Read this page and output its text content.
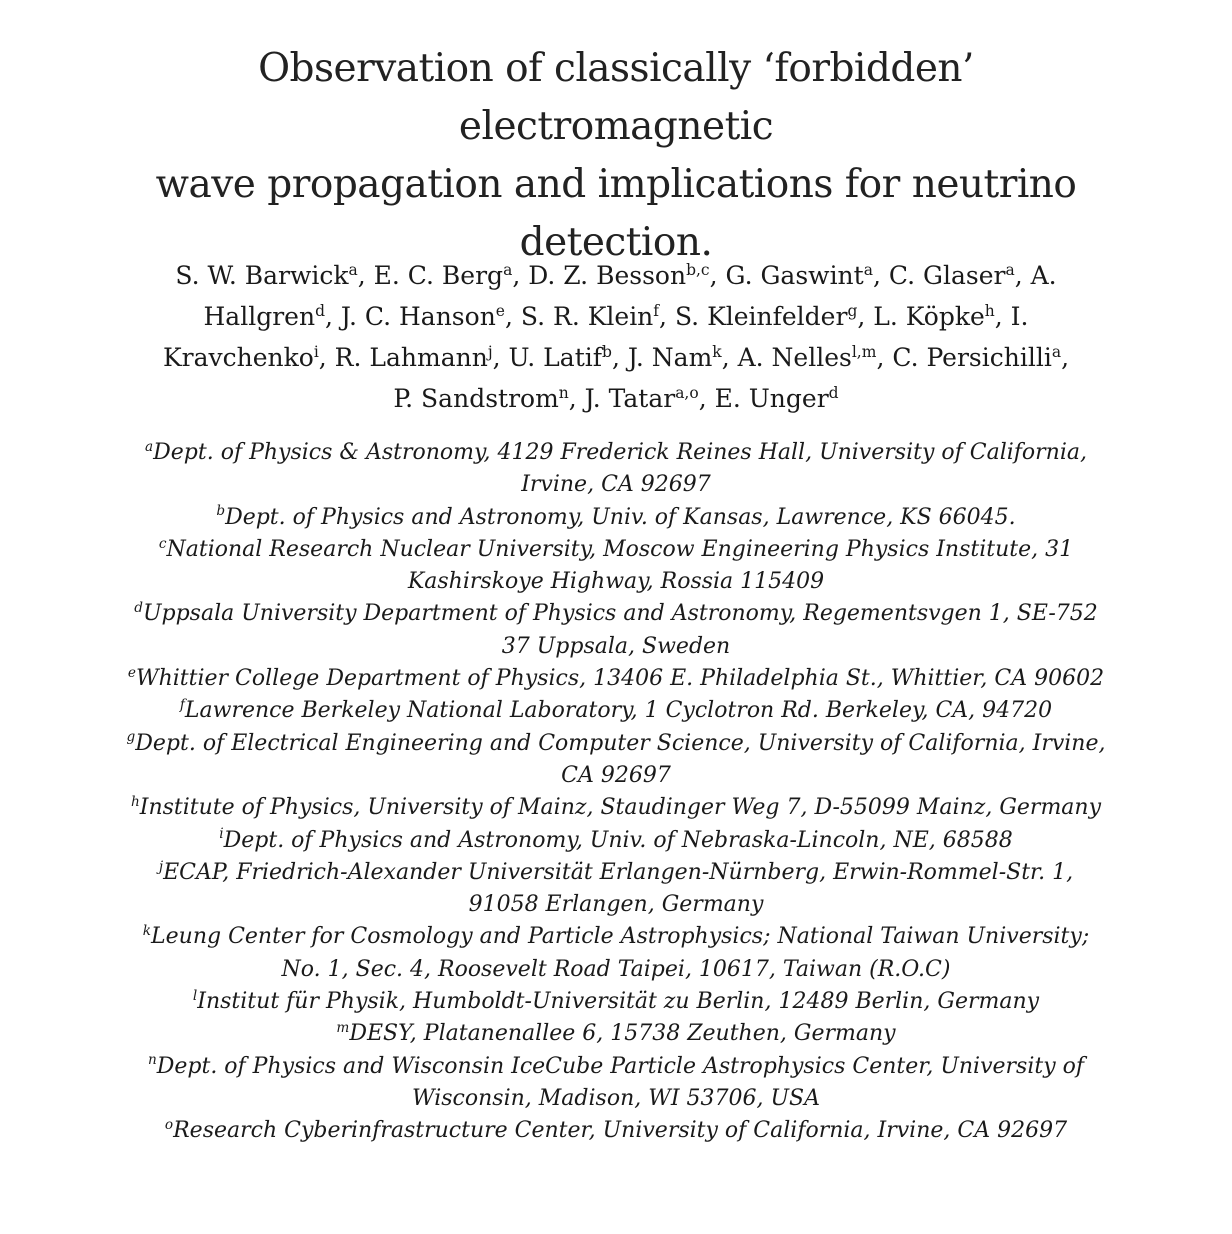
Observation of classically ‘forbidden’ electromagnetic
wave propagation and implications for neutrino
detection.
S. W. Barwick$^a$, E. C. Berg$^a$, D. Z. Besson$^{b,c}$, G. Gaswint$^a$, C. Glaser$^a$, A.
Hallgren$^d$, J. C. Hanson$^e$, S. R. Klein$^f$, S. Kleinfelder$^g$, L. Köpke$^h$, I.
Kravchenko$^i$, R. Lahmann$^j$, U. Latif$^b$, J. Nam$^k$, A. Nelles$^{l,m}$, C. Persichilli$^a$,
P. Sandstrom$^n$, J. Tatar$^{a,o}$, E. Unger$^d$
$^a$Dept. of Physics & Astronomy, 4129 Frederick Reines Hall, University of California,
Irvine, CA 92697
$^b$Dept. of Physics and Astronomy, Univ. of Kansas, Lawrence, KS 66045.
$^c$National Research Nuclear University, Moscow Engineering Physics Institute, 31
Kashirskoye Highway, Rossia 115409
$^d$Uppsala University Department of Physics and Astronomy, Regementsvgen 1, SE-752
37 Uppsala, Sweden
$^e$Whittier College Department of Physics, 13406 E. Philadelphia St., Whittier, CA 90602
$^f$Lawrence Berkeley National Laboratory, 1 Cyclotron Rd. Berkeley, CA, 94720
$^g$Dept. of Electrical Engineering and Computer Science, University of California, Irvine,
CA 92697
$^h$Institute of Physics, University of Mainz, Staudinger Weg 7, D-55099 Mainz, Germany
$^i$Dept. of Physics and Astronomy, Univ. of Nebraska-Lincoln, NE, 68588
$^j$ECAP, Friedrich-Alexander Universität Erlangen-Nürnberg, Erwin-Rommel-Str. 1,
91058 Erlangen, Germany
$^k$Leung Center for Cosmology and Particle Astrophysics; National Taiwan University;
No. 1, Sec. 4, Roosevelt Road Taipei, 10617, Taiwan (R.O.C)
$^l$Institut für Physik, Humboldt-Universität zu Berlin, 12489 Berlin, Germany
$^m$DESY, Platanenallee 6, 15738 Zeuthen, Germany
$^n$Dept. of Physics and Wisconsin IceCube Particle Astrophysics Center, University of
Wisconsin, Madison, WI 53706, USA
$^o$Research Cyberinfrastructure Center, University of California, Irvine, CA 92697
